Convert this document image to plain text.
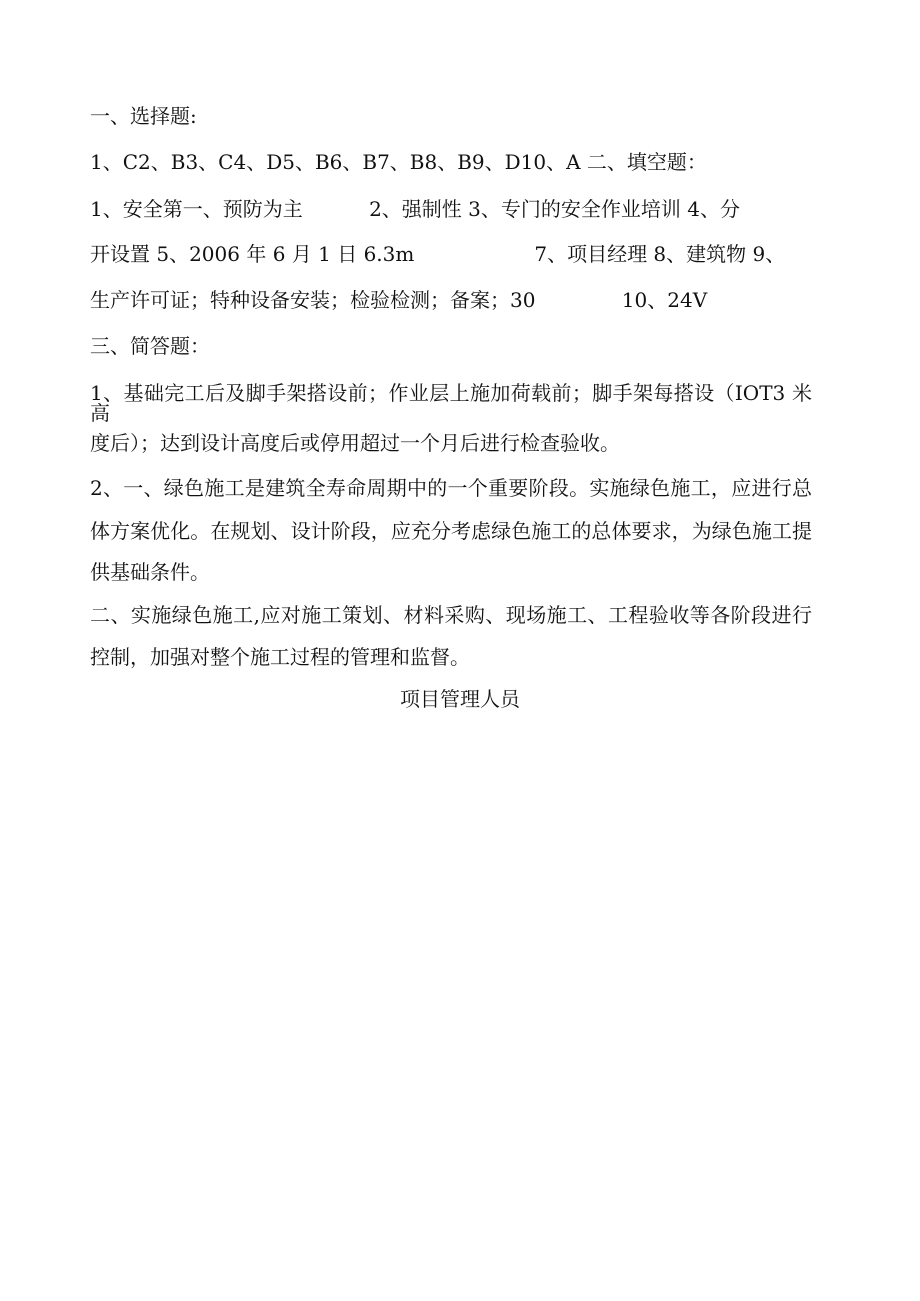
一、选择题:
1、C2、B3、C4、D5、B6、B7、B8、B9、D10、A 二、填空题：
1、安全第一、预防为主　　　 2、强制性 3、专门的安全作业培训 4、分
开设置 5、2006 年 6 月 1 日 6.3m　　　　　　7、项目经理 8、建筑物 9、
生产许可证；特种设备安装；检验检测；备案；30　　　　 10、24V
三、简答题：
1、基础完工后及脚手架搭设前；作业层上施加荷载前；脚手架每搭设（IOT3 米高
度后）；达到设计高度后或停用超过一个月后进行检查验收。
2、一、绿色施工是建筑全寿命周期中的一个重要阶段。实施绿色施工，应进行总
体方案优化。在规划、设计阶段，应充分考虑绿色施工的总体要求，为绿色施工提
供基础条件。
二、实施绿色施工,应对施工策划、材料采购、现场施工、工程验收等各阶段进行
控制，加强对整个施工过程的管理和监督。
项目管理人员
